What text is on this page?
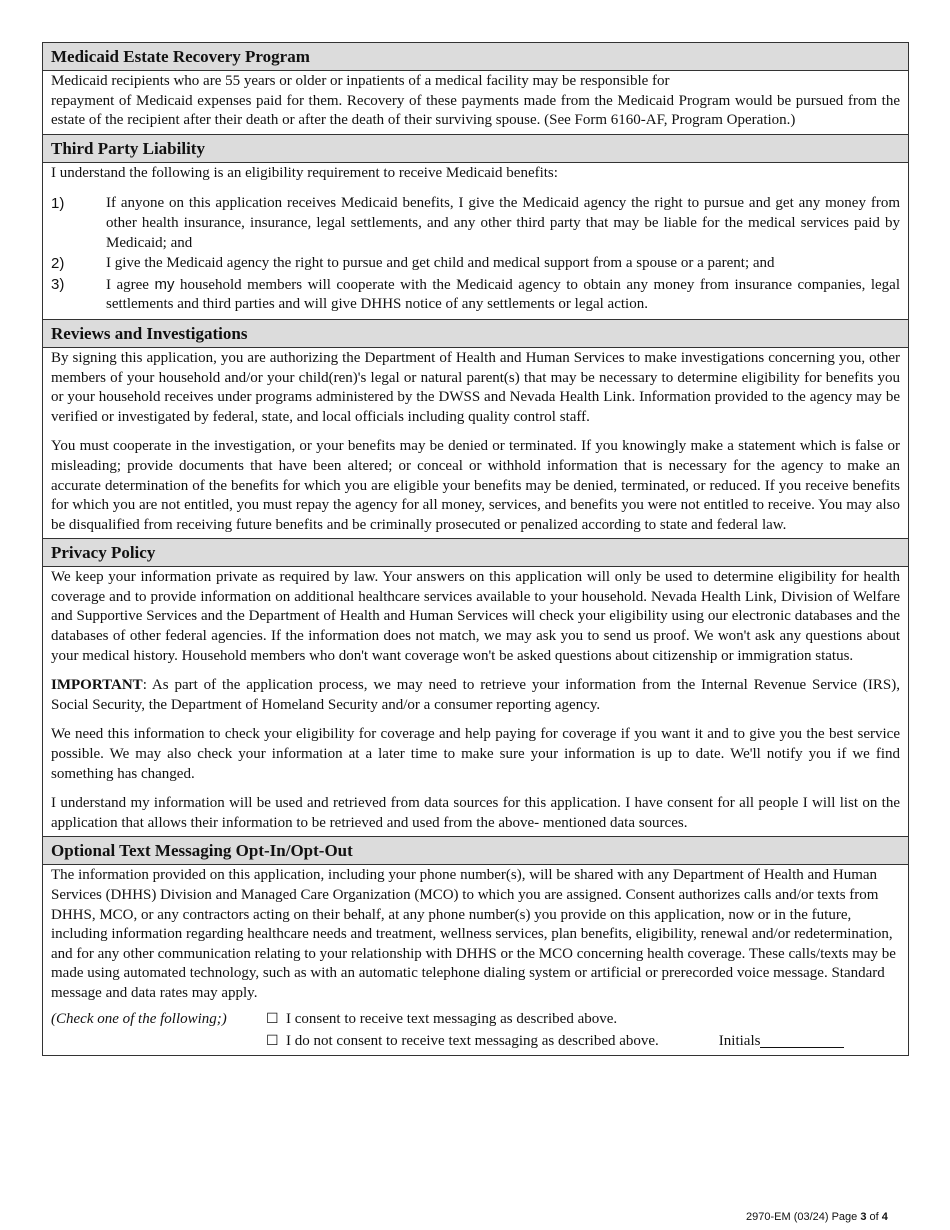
Medicaid Estate Recovery Program

Medicaid recipients who are 55 years or older or inpatients of a medical facility may be responsible for

repayment of Medicaid expenses paid for them. Recovery of these payments made from the Medicaid Program would be pursued from the estate of the recipient after their death or after the death of their surviving spouse. (See Form 6160-AF, Program Operation.)

Third Party Liability

I understand the following is an eligibility requirement to receive Medicaid benefits:

1)	If anyone on this application receives Medicaid benefits, I give the Medicaid agency the right to pursue and get any money from other health insurance, insurance, legal settlements, and any other third party that may be liable for the medical services paid by Medicaid; and
2)	I give the Medicaid agency the right to pursue and get child and medical support from a spouse or a parent; and
3)	I agree my household members will cooperate with the Medicaid agency to obtain any money from insurance companies, legal settlements and third parties and will give DHHS notice of any settlements or legal action.
Reviews and Investigations

By signing this application, you are authorizing the Department of Health and Human Services to make investigations concerning you, other members of your household and/or your child(ren)'s legal or natural parent(s) that may be necessary to determine eligibility for benefits you or your household receives under programs administered by the DWSS and Nevada Health Link. Information provided to the agency may be verified or investigated by federal, state, and local officials including quality control staff.

You must cooperate in the investigation, or your benefits may be denied or terminated. If you knowingly make a statement which is false or misleading; provide documents that have been altered; or conceal or withhold information that is necessary for the agency to make an accurate determination of the benefits for which you are eligible your benefits may be denied, terminated, or reduced. If you receive benefits for which you are not entitled, you must repay the agency for all money, services, and benefits you were not entitled to receive. You may also be disqualified from receiving future benefits and be criminally prosecuted or penalized according to state and federal law.

Privacy Policy

We keep your information private as required by law. Your answers on this application will only be used to determine eligibility for health coverage and to provide information on additional healthcare services available to your household. Nevada Health Link, Division of Welfare and Supportive Services and the Department of Health and Human Services will check your eligibility using our electronic databases and the databases of other federal agencies. If the information does not match, we may ask you to send us proof. We won't ask any questions about your medical history. Household members who don't want coverage won't be asked questions about citizenship or immigration status.

IMPORTANT: As part of the application process, we may need to retrieve your information from the Internal Revenue Service (IRS), Social Security, the Department of Homeland Security and/or a consumer reporting agency.

We need this information to check your eligibility for coverage and help paying for coverage if you want it and to give you the best service possible. We may also check your information at a later time to make sure your information is up to date. We'll notify you if we find something has changed.

I understand my information will be used and retrieved from data sources for this application. I have consent for all people I will list on the application that allows their information to be retrieved and used from the above- mentioned data sources.

Optional Text Messaging Opt-In/Opt-Out

The information provided on this application, including your phone number(s), will be shared with any Department of Health and Human Services (DHHS) Division and Managed Care Organization (MCO) to which you are assigned. Consent authorizes calls and/or texts from DHHS, MCO, or any contractors acting on their behalf, at any phone number(s) you provide on this application, now or in the future, including information regarding healthcare needs and treatment, wellness services, plan benefits, eligibility, renewal and/or redetermination, and for any other communication relating to your relationship with DHHS or the MCO concerning health coverage. These calls/texts may be made using automated technology, such as with an automatic telephone dialing system or artificial or prerecorded voice message. Standard message and data rates may apply.

(Check one of the following;)	☐ I consent to receive text messaging as described above.
☐ I do not consent to receive text messaging as described above.	Initials
2970-EM (03/24) Page 3 of 4
